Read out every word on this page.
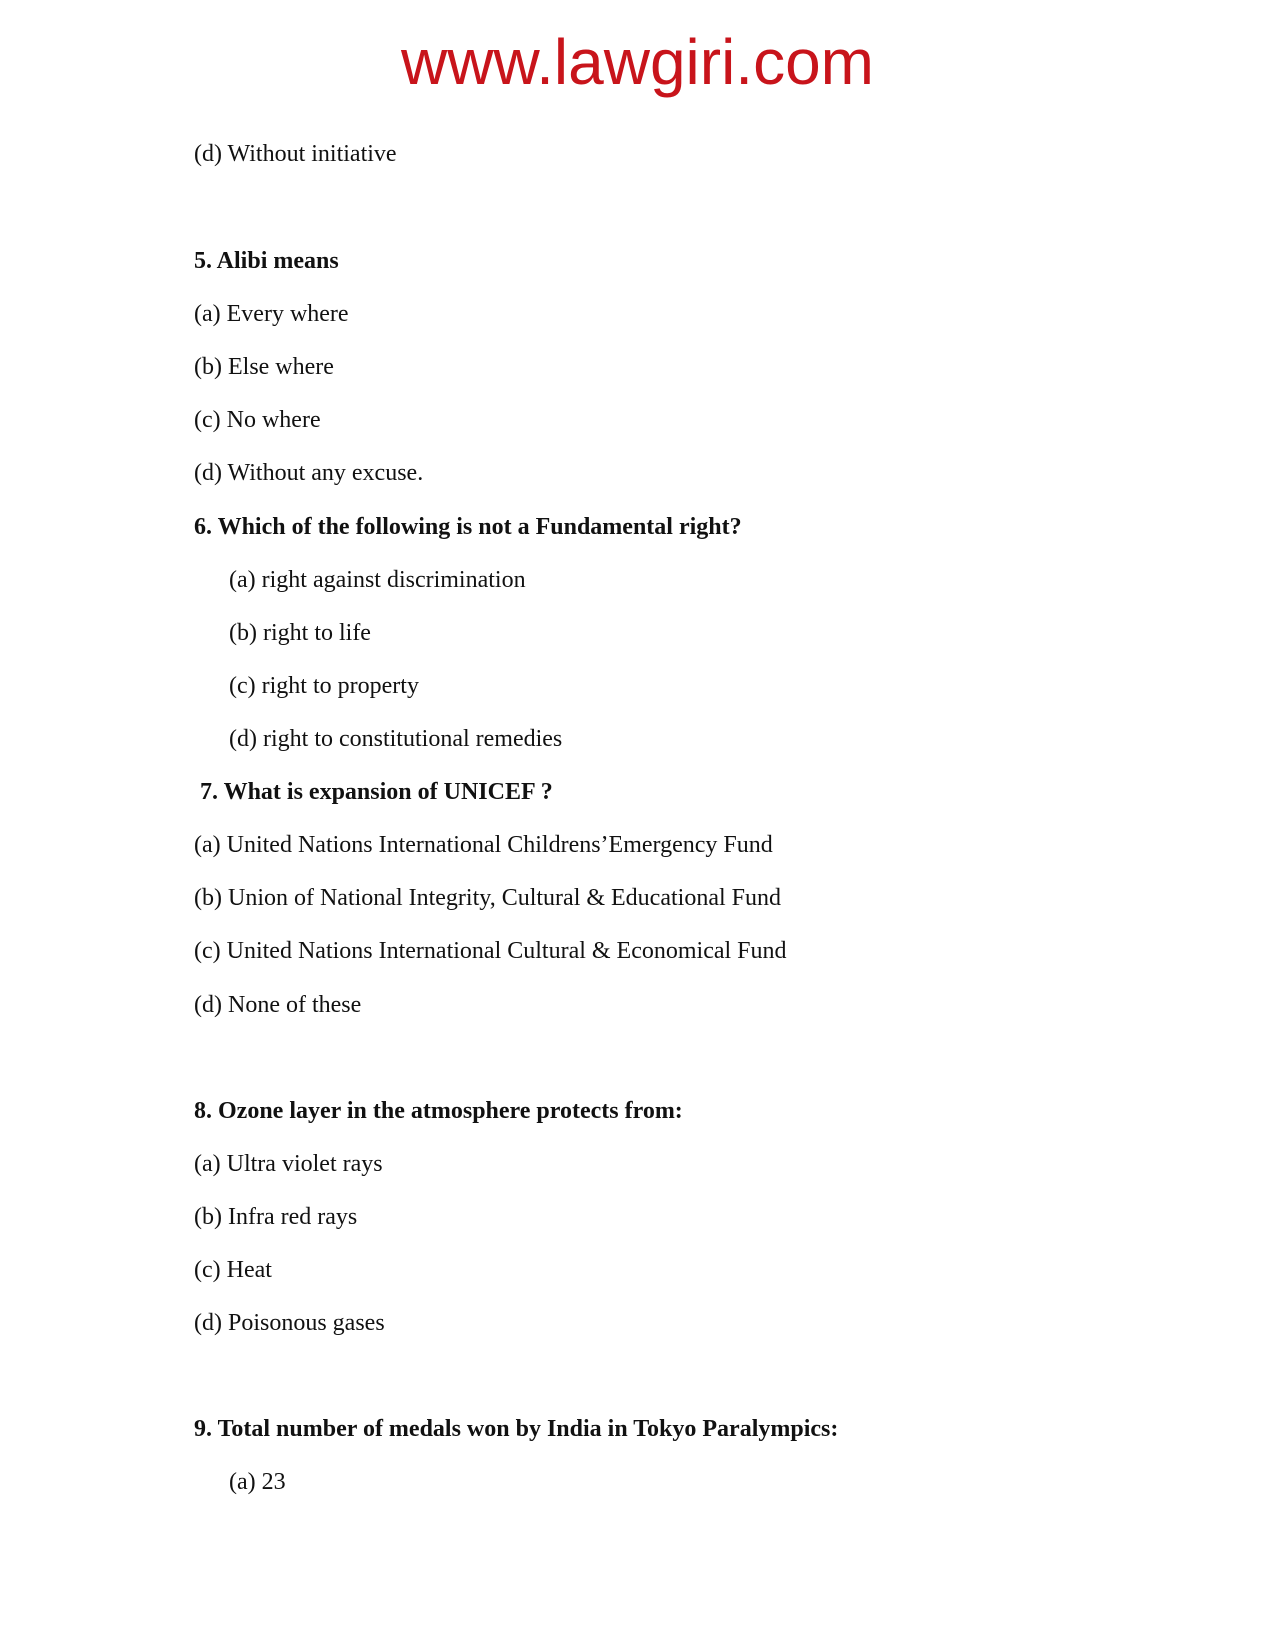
www.lawgiri.com
(d) Without initiative
5. Alibi means
(a) Every where
(b) Else where
(c) No where
(d) Without any excuse.
6. Which of the following is not a Fundamental right?
(a) right against discrimination
(b) right to life
(c) right to property
(d) right to constitutional remedies
7. What is expansion of UNICEF ?
(a) United Nations International Childrens’Emergency Fund
(b) Union of National Integrity, Cultural & Educational Fund
(c) United Nations International Cultural & Economical Fund
(d) None of these
8. Ozone layer in the atmosphere protects from:
(a) Ultra violet rays
(b) Infra red rays
(c) Heat
(d) Poisonous gases
9. Total number of medals won by India in Tokyo Paralympics:
(a) 23
